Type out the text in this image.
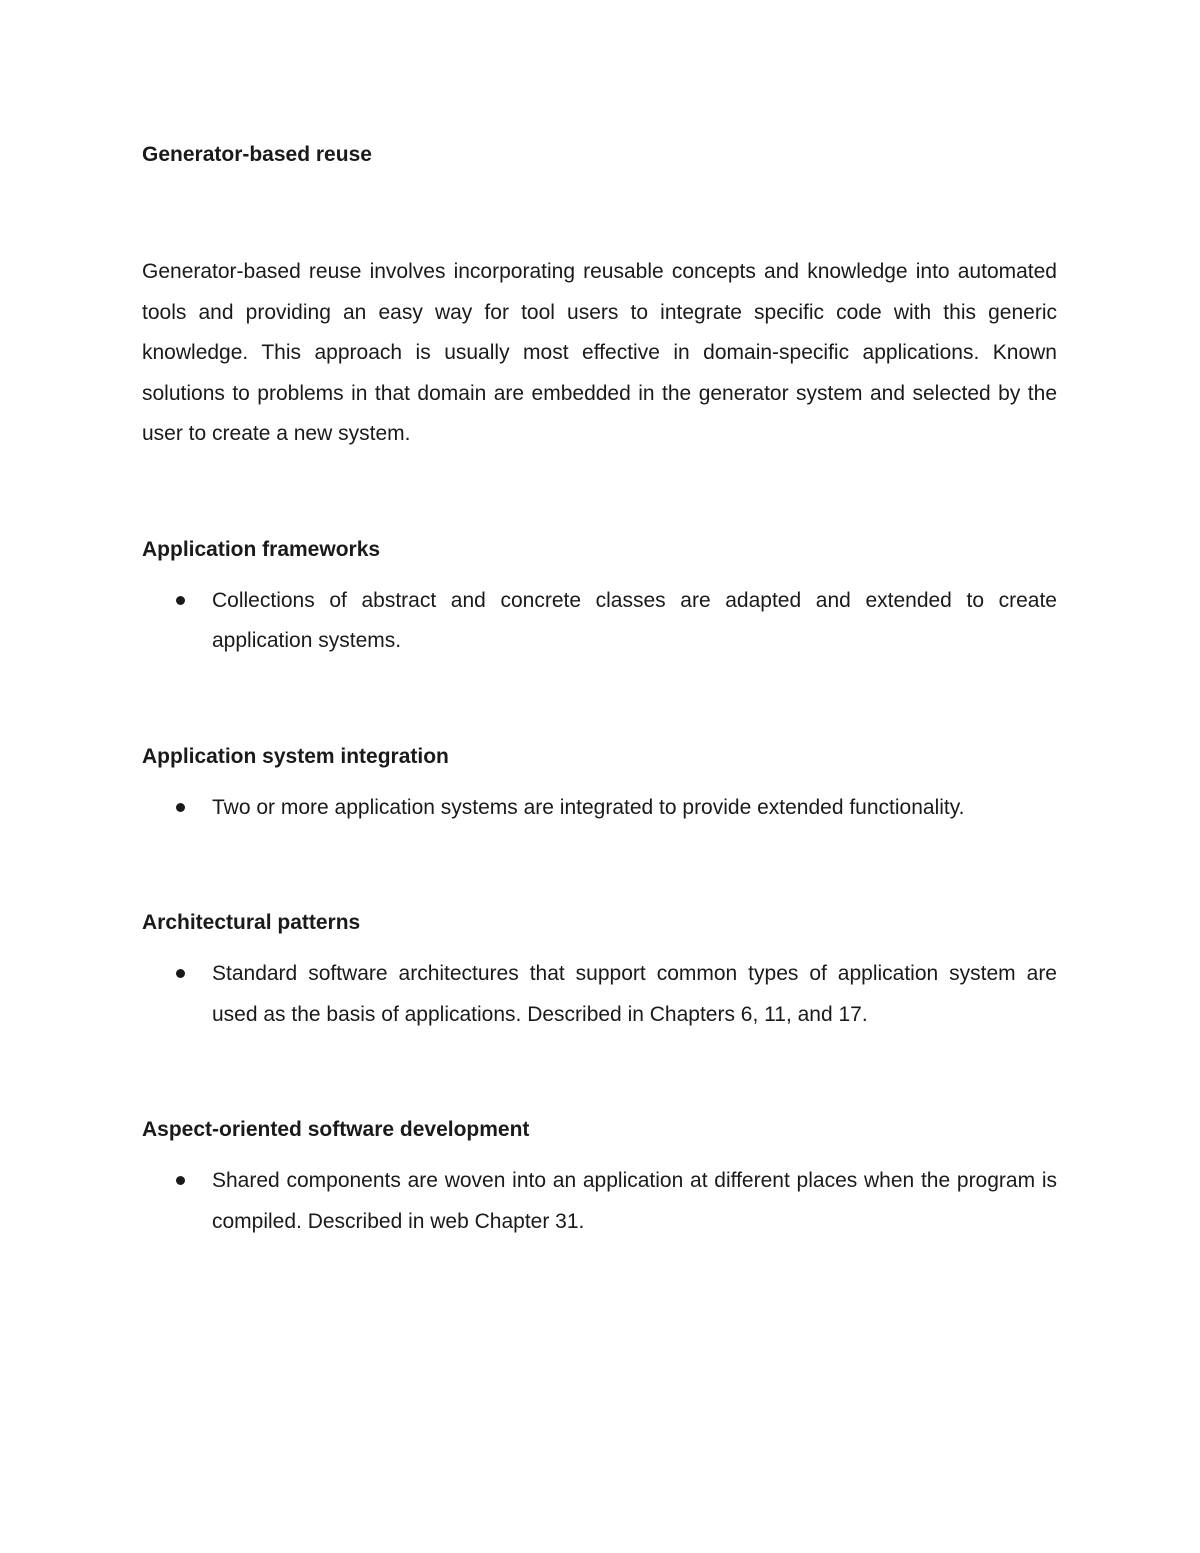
Generator-based reuse

Generator-based reuse involves incorporating reusable concepts and knowledge into automated tools and providing an easy way for tool users to integrate specific code with this generic knowledge. This approach is usually most effective in domain-specific applications. Known solutions to problems in that domain are embedded in the generator system and selected by the user to create a new system.

Application frameworks
Collections of abstract and concrete classes are adapted and extended to create application systems.
Application system integration
Two or more application systems are integrated to provide extended functionality.
Architectural patterns
Standard software architectures that support common types of application system are used as the basis of applications. Described in Chapters 6, 11, and 17.
Aspect-oriented software development
Shared components are woven into an application at different places when the program is compiled. Described in web Chapter 31.
